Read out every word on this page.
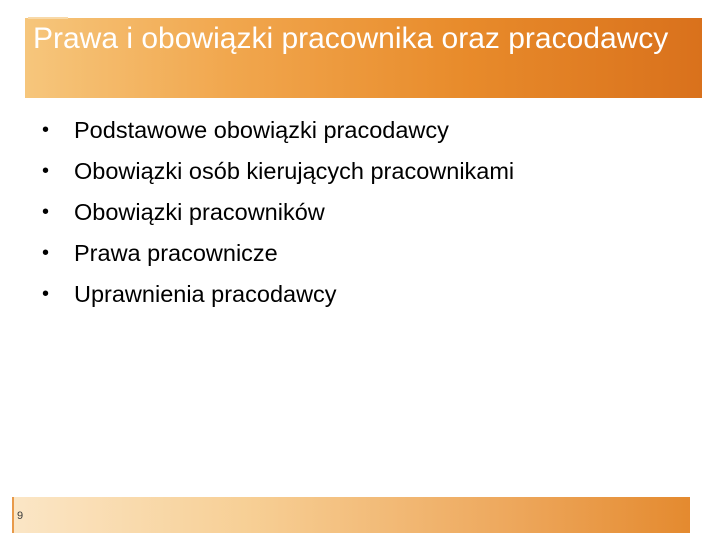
Prawa i obowiązki pracownika oraz pracodawcy
•	Podstawowe obowiązki pracodawcy
•	Obowiązki osób kierujących pracownikami
•	Obowiązki pracowników
•	Prawa pracownicze
•	Uprawnienia pracodawcy
9
